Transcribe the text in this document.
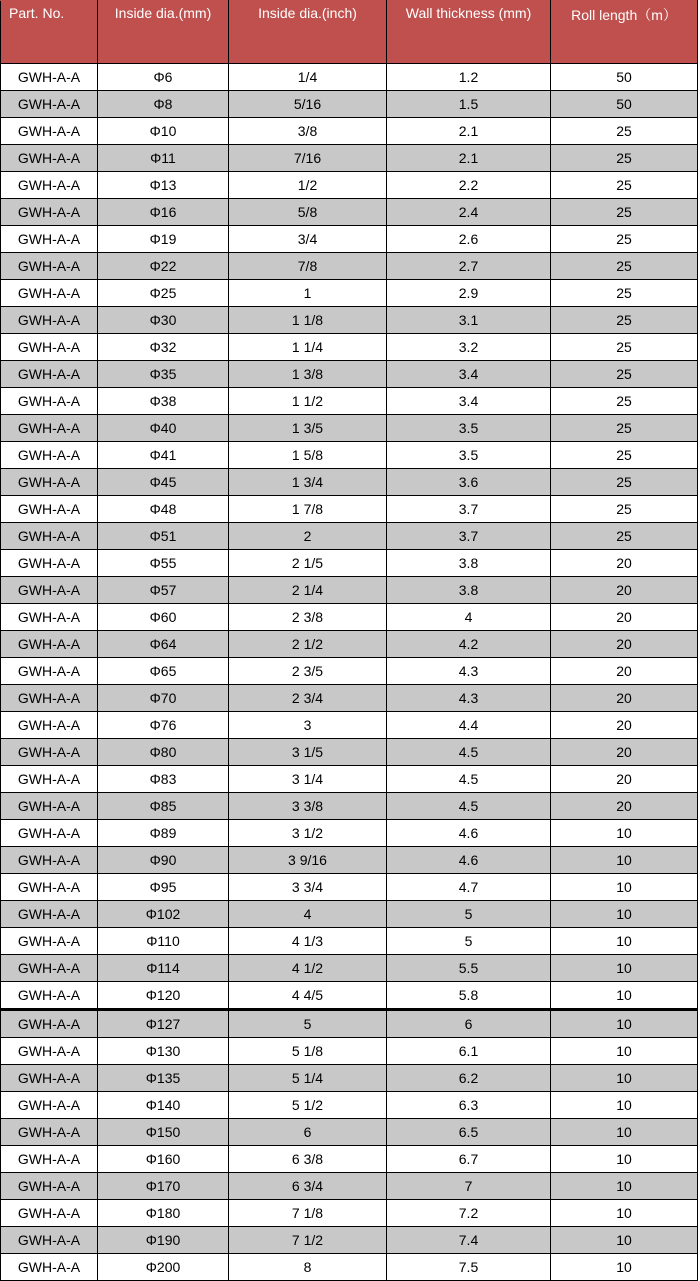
Part. No.	Inside dia.(mm)	Inside dia.(inch)	Wall thickness (mm)	Roll length（m）
GWH-A-A	Φ6	1/4	1.2	50
GWH-A-A	Φ8	5/16	1.5	50
GWH-A-A	Φ10	3/8	2.1	25
GWH-A-A	Φ11	7/16	2.1	25
GWH-A-A	Φ13	1/2	2.2	25
GWH-A-A	Φ16	5/8	2.4	25
GWH-A-A	Φ19	3/4	2.6	25
GWH-A-A	Φ22	7/8	2.7	25
GWH-A-A	Φ25	1	2.9	25
GWH-A-A	Φ30	1 1/8	3.1	25
GWH-A-A	Φ32	1 1/4	3.2	25
GWH-A-A	Φ35	1 3/8	3.4	25
GWH-A-A	Φ38	1 1/2	3.4	25
GWH-A-A	Φ40	1 3/5	3.5	25
GWH-A-A	Φ41	1 5/8	3.5	25
GWH-A-A	Φ45	1 3/4	3.6	25
GWH-A-A	Φ48	1 7/8	3.7	25
GWH-A-A	Φ51	2	3.7	25
GWH-A-A	Φ55	2 1/5	3.8	20
GWH-A-A	Φ57	2 1/4	3.8	20
GWH-A-A	Φ60	2 3/8	4	20
GWH-A-A	Φ64	2 1/2	4.2	20
GWH-A-A	Φ65	2 3/5	4.3	20
GWH-A-A	Φ70	2 3/4	4.3	20
GWH-A-A	Φ76	3	4.4	20
GWH-A-A	Φ80	3 1/5	4.5	20
GWH-A-A	Φ83	3 1/4	4.5	20
GWH-A-A	Φ85	3 3/8	4.5	20
GWH-A-A	Φ89	3 1/2	4.6	10
GWH-A-A	Φ90	3 9/16	4.6	10
GWH-A-A	Φ95	3 3/4	4.7	10
GWH-A-A	Φ102	4	5	10
GWH-A-A	Φ110	4 1/3	5	10
GWH-A-A	Φ114	4 1/2	5.5	10
GWH-A-A	Φ120	4 4/5	5.8	10
GWH-A-A	Φ127	5	6	10
GWH-A-A	Φ130	5 1/8	6.1	10
GWH-A-A	Φ135	5 1/4	6.2	10
GWH-A-A	Φ140	5 1/2	6.3	10
GWH-A-A	Φ150	6	6.5	10
GWH-A-A	Φ160	6 3/8	6.7	10
GWH-A-A	Φ170	6 3/4	7	10
GWH-A-A	Φ180	7 1/8	7.2	10
GWH-A-A	Φ190	7 1/2	7.4	10
GWH-A-A	Φ200	8	7.5	10
